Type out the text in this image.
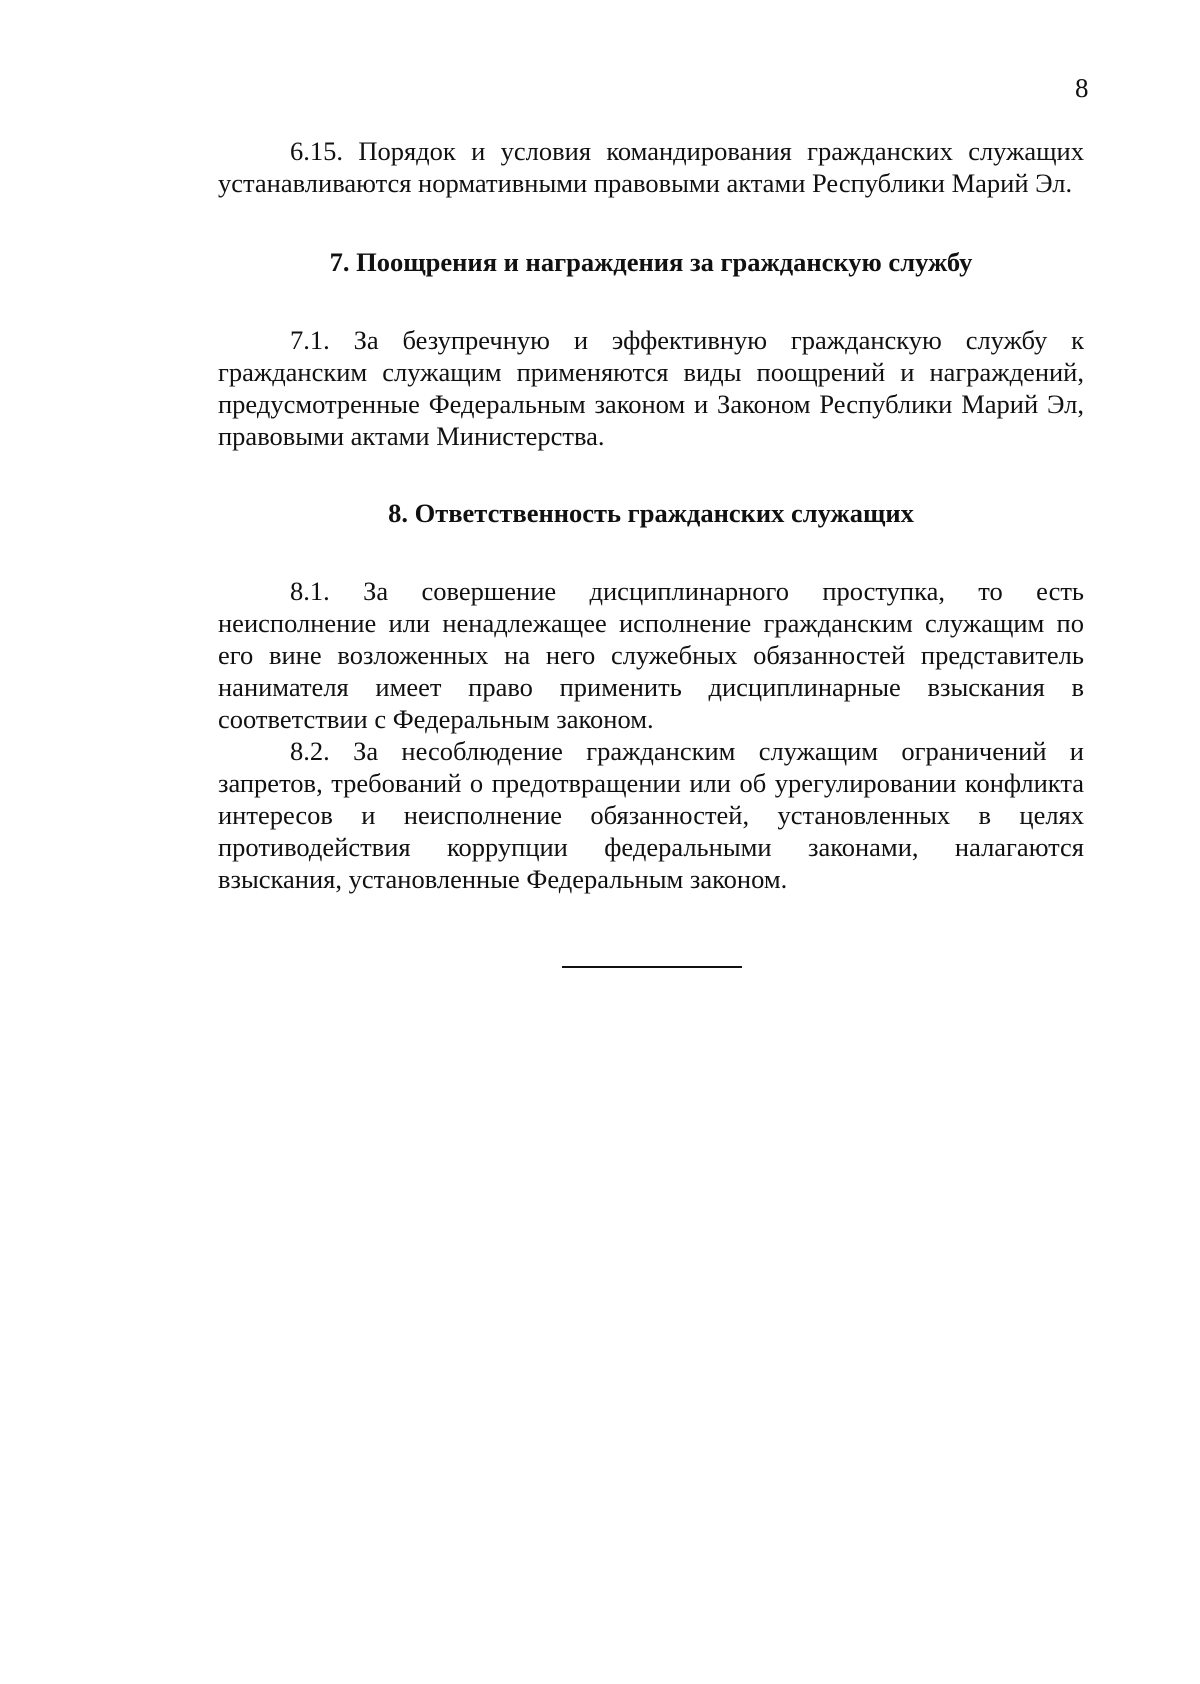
8

6.15. Порядок и условия командирования гражданских служащих устанавливаются нормативными правовыми актами Республики Марий Эл.

7. Поощрения и награждения за гражданскую службу

7.1. За безупречную и эффективную гражданскую службу к гражданским служащим применяются виды поощрений и награждений, предусмотренные Федеральным законом и Законом Республики Марий Эл, правовыми актами Министерства.

8. Ответственность гражданских служащих

8.1. За совершение дисциплинарного проступка, то есть неисполнение или ненадлежащее исполнение гражданским служащим по его вине возложенных на него служебных обязанностей представитель нанимателя имеет право применить дисциплинарные взыскания в соответствии с Федеральным законом.

8.2. За несоблюдение гражданским служащим ограничений и запретов, требований о предотвращении или об урегулировании конфликта интересов и неисполнение обязанностей, установленных в целях противодействия коррупции федеральными законами, налагаются взыскания, установленные Федеральным законом.
